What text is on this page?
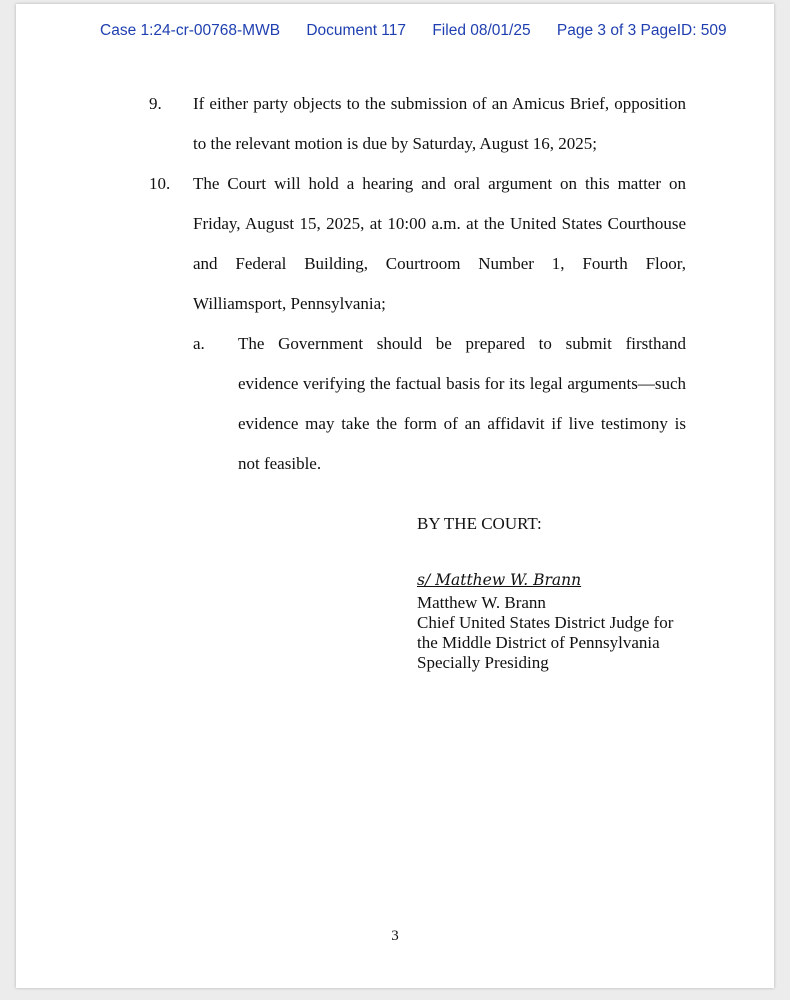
Case 1:24-cr-00768-MWB Document 117 Filed 08/01/25 Page 3 of 3 PageID: 509
9. If either party objects to the submission of an Amicus Brief, opposition
to the relevant motion is due by Saturday, August 16, 2025;
10. The Court will hold a hearing and oral argument on this matter on
Friday, August 15, 2025, at 10:00 a.m. at the United States Courthouse
and Federal Building, Courtroom Number 1, Fourth Floor,
Williamsport, Pennsylvania;
a. The Government should be prepared to submit firsthand
evidence verifying the factual basis for its legal arguments—such
evidence may take the form of an affidavit if live testimony is
not feasible.
BY THE COURT:
s/ Matthew W. Brann
Matthew W. Brann
Chief United States District Judge for
the Middle District of Pennsylvania
Specially Presiding
3
